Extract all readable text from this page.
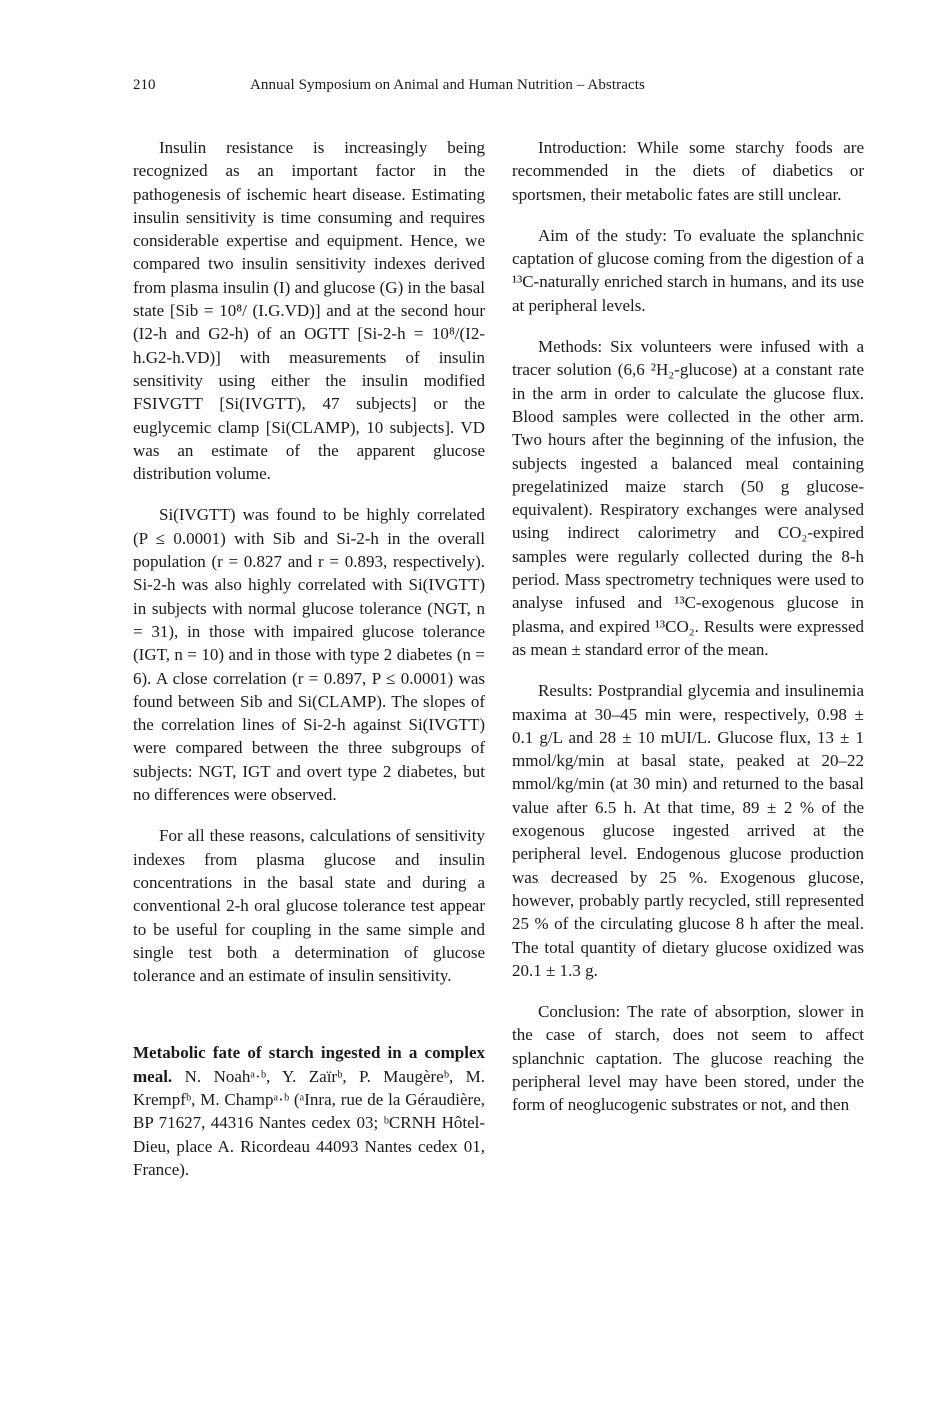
210	Annual Symposium on Animal and Human Nutrition – Abstracts

Insulin resistance is increasingly being recognized as an important factor in the pathogenesis of ischemic heart disease. Estimating insulin sensitivity is time consuming and requires considerable expertise and equipment. Hence, we compared two insulin sensitivity indexes derived from plasma insulin (I) and glucose (G) in the basal state [Sib = 10⁸/ (I.G.VD)] and at the second hour (I2-h and G2-h) of an OGTT [Si-2-h = 10⁸/(I2-h.G2-h.VD)] with measurements of insulin sensitivity using either the insulin modified FSIVGTT [Si(IVGTT), 47 subjects] or the euglycemic clamp [Si(CLAMP), 10 subjects]. VD was an estimate of the apparent glucose distribution volume.

Si(IVGTT) was found to be highly correlated (P ≤ 0.0001) with Sib and Si-2-h in the overall population (r = 0.827 and r = 0.893, respectively). Si-2-h was also highly correlated with Si(IVGTT) in subjects with normal glucose tolerance (NGT, n = 31), in those with impaired glucose tolerance (IGT, n = 10) and in those with type 2 diabetes (n = 6). A close correlation (r = 0.897, P ≤ 0.0001) was found between Sib and Si(CLAMP). The slopes of the correlation lines of Si-2-h against Si(IVGTT) were compared between the three subgroups of subjects: NGT, IGT and overt type 2 diabetes, but no differences were observed.

For all these reasons, calculations of sensitivity indexes from plasma glucose and insulin concentrations in the basal state and during a conventional 2-h oral glucose tolerance test appear to be useful for coupling in the same simple and single test both a determination of glucose tolerance and an estimate of insulin sensitivity.

Metabolic fate of starch ingested in a complex meal. N. Noahᵃ·ᵇ, Y. Zaïrᵇ, P. Maugèreᵇ, M. Krempfᵇ, M. Champᵃ·ᵇ (ᵃInra, rue de la Géraudière, BP 71627, 44316 Nantes cedex 03; ᵇCRNH Hôtel-Dieu, place A. Ricordeau 44093 Nantes cedex 01, France).

Introduction: While some starchy foods are recommended in the diets of diabetics or sportsmen, their metabolic fates are still unclear.

Aim of the study: To evaluate the splanchnic captation of glucose coming from the digestion of a ¹³C-naturally enriched starch in humans, and its use at peripheral levels.

Methods: Six volunteers were infused with a tracer solution (6,6 ²H₂-glucose) at a constant rate in the arm in order to calculate the glucose flux. Blood samples were collected in the other arm. Two hours after the beginning of the infusion, the subjects ingested a balanced meal containing pregelatinized maize starch (50 g glucose-equivalent). Respiratory exchanges were analysed using indirect calorimetry and CO₂-expired samples were regularly collected during the 8-h period. Mass spectrometry techniques were used to analyse infused and ¹³C-exogenous glucose in plasma, and expired ¹³CO₂. Results were expressed as mean ± standard error of the mean.

Results: Postprandial glycemia and insulinemia maxima at 30–45 min were, respectively, 0.98 ± 0.1 g/L and 28 ± 10 mUI/L. Glucose flux, 13 ± 1 mmol/kg/min at basal state, peaked at 20–22 mmol/kg/min (at 30 min) and returned to the basal value after 6.5 h. At that time, 89 ± 2 % of the exogenous glucose ingested arrived at the peripheral level. Endogenous glucose production was decreased by 25 %. Exogenous glucose, however, probably partly recycled, still represented 25 % of the circulating glucose 8 h after the meal. The total quantity of dietary glucose oxidized was 20.1 ± 1.3 g.

Conclusion: The rate of absorption, slower in the case of starch, does not seem to affect splanchnic captation. The glucose reaching the peripheral level may have been stored, under the form of neoglucogenic substrates or not, and then
